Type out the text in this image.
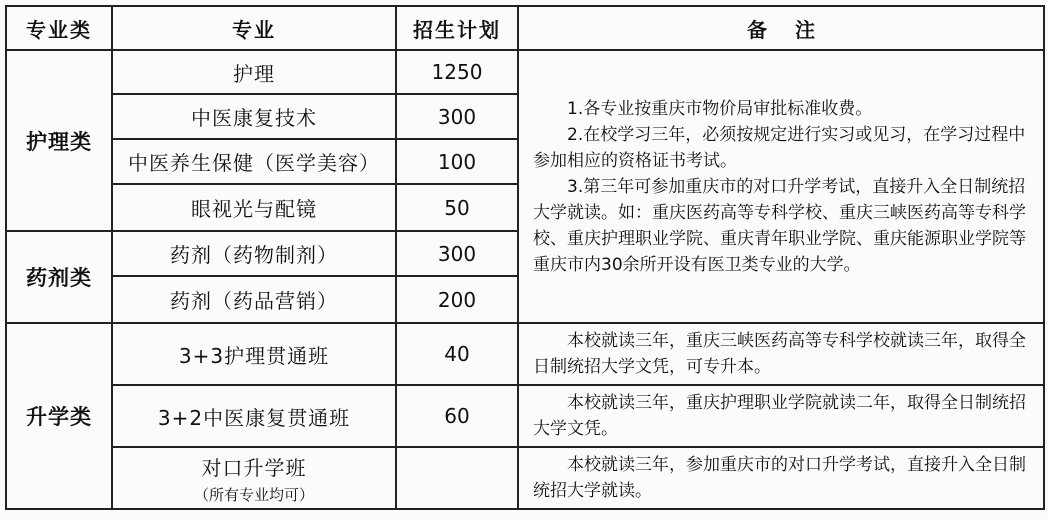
专业类	专业	招生计划	备注
护理类	护理	1250	1.各专业按重庆市物价局审批标准收费。

2.在校学习三年，必须按规定进行实习或见习，在学习过程中参加相应的资格证书考试。

3.第三年可参加重庆市的对口升学考试，直接升入全日制统招大学就读。如：重庆医药高等专科学校、重庆三峡医药高等专科学校、重庆护理职业学院、重庆青年职业学院、重庆能源职业学院等重庆市内30余所开设有医卫类专业的大学。

	中医康复技术	300	
	中医养生保健（医学美容）	100	
	眼视光与配镜	50	
药剂类	药剂（药物制剂）	300	
	药剂（药品营销）	200	
升学类	3+3护理贯通班	40	本校就读三年，重庆三峡医药高等专科学校就读三年，取得全日制统招大学文凭，可专升本。

	3+2中医康复贯通班	60	本校就读三年，重庆护理职业学院就读二年，取得全日制统招大学文凭。

	对口升学班
（所有专业均可）		本校就读三年，参加重庆市的对口升学考试，直接升入全日制统招大学就读。
